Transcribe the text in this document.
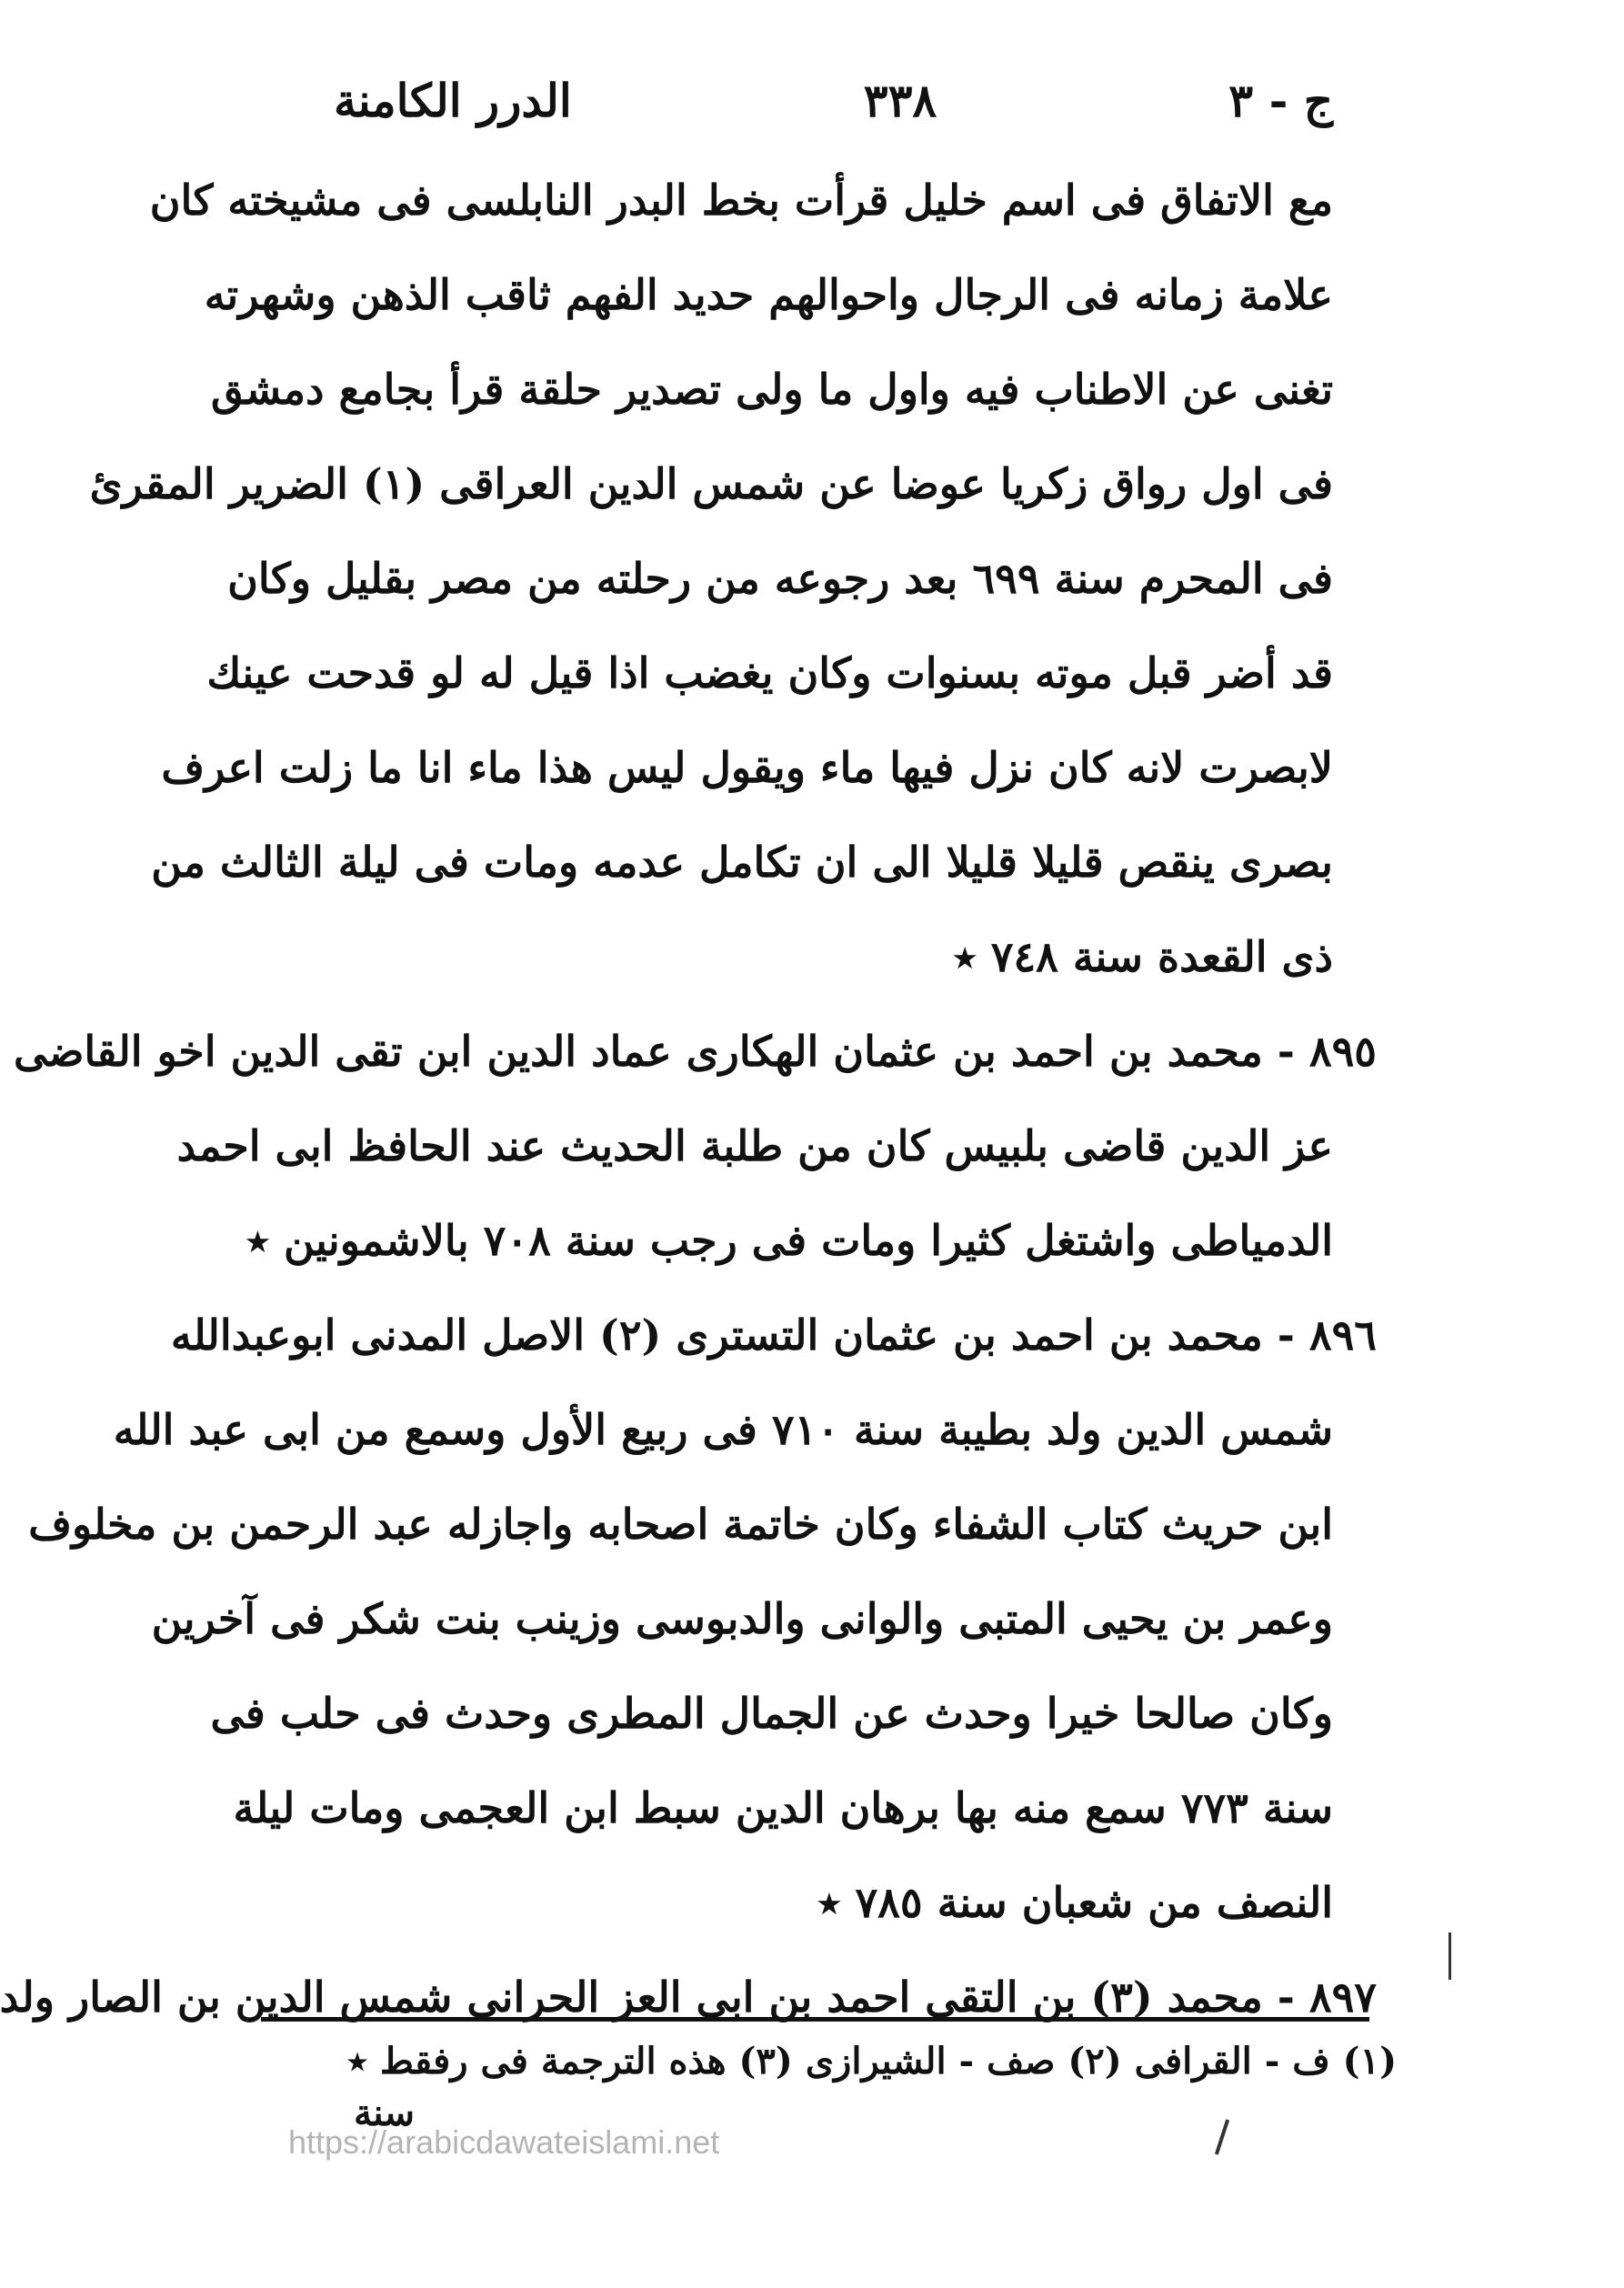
ج - ٣
٣٣٨
الدرر الكامنة
مع الاتفاق فى اسم خليل قرأت بخط البدر النابلسى فى مشيخته كان
علامة زمانه فى الرجال واحوالهم حديد الفهم ثاقب الذهن وشهرته
تغنى عن الاطناب فيه واول ما ولى تصدير حلقة قرأ بجامع دمشق
فى اول رواق زكريا عوضا عن شمس الدين العراقى (١) الضرير المقرئ
فى المحرم سنة ٦٩٩ بعد رجوعه من رحلته من مصر بقليل وكان
قد أضر قبل موته بسنوات وكان يغضب اذا قيل له لو قدحت عينك
لابصرت لانه كان نزل فيها ماء ويقول ليس هذا ماء انا ما زلت اعرف
بصرى ينقص قليلا قليلا الى ان تكامل عدمه ومات فى ليلة الثالث من
ذى القعدة سنة ٧٤٨ ٭
٨٩٥ - محمد بن احمد بن عثمان الهكارى عماد الدين ابن تقى الدين اخو القاضى
عز الدين قاضى بلبيس كان من طلبة الحديث عند الحافظ ابى احمد
الدمياطى واشتغل كثيرا ومات فى رجب سنة ٧٠٨ بالاشمونين ٭
٨٩٦ - محمد بن احمد بن عثمان التسترى (٢) الاصل المدنى ابوعبدالله
شمس الدين ولد بطيبة سنة ٧١٠ فى ربيع الأول وسمع من ابى عبد الله
ابن حريث كتاب الشفاء وكان خاتمة اصحابه واجازله عبد الرحمن بن مخلوف
وعمر بن يحيى المتبى والوانى والدبوسى وزينب بنت شكر فى آخرين
وكان صالحا خيرا وحدث عن الجمال المطرى وحدث فى حلب فى
سنة ٧٧٣ سمع منه بها برهان الدين سبط ابن العجمى ومات ليلة
النصف من شعبان سنة ٧٨٥ ٭
٨٩٧ - محمد (٣) بن التقى احمد بن ابى العز الحرانى شمس الدين بن الصار ولد
(١) ف - القرافى (٢) صف - الشيرازى (٣) هذه الترجمة فى رفقط ٭
سنة
https://arabicdawateislami.net
